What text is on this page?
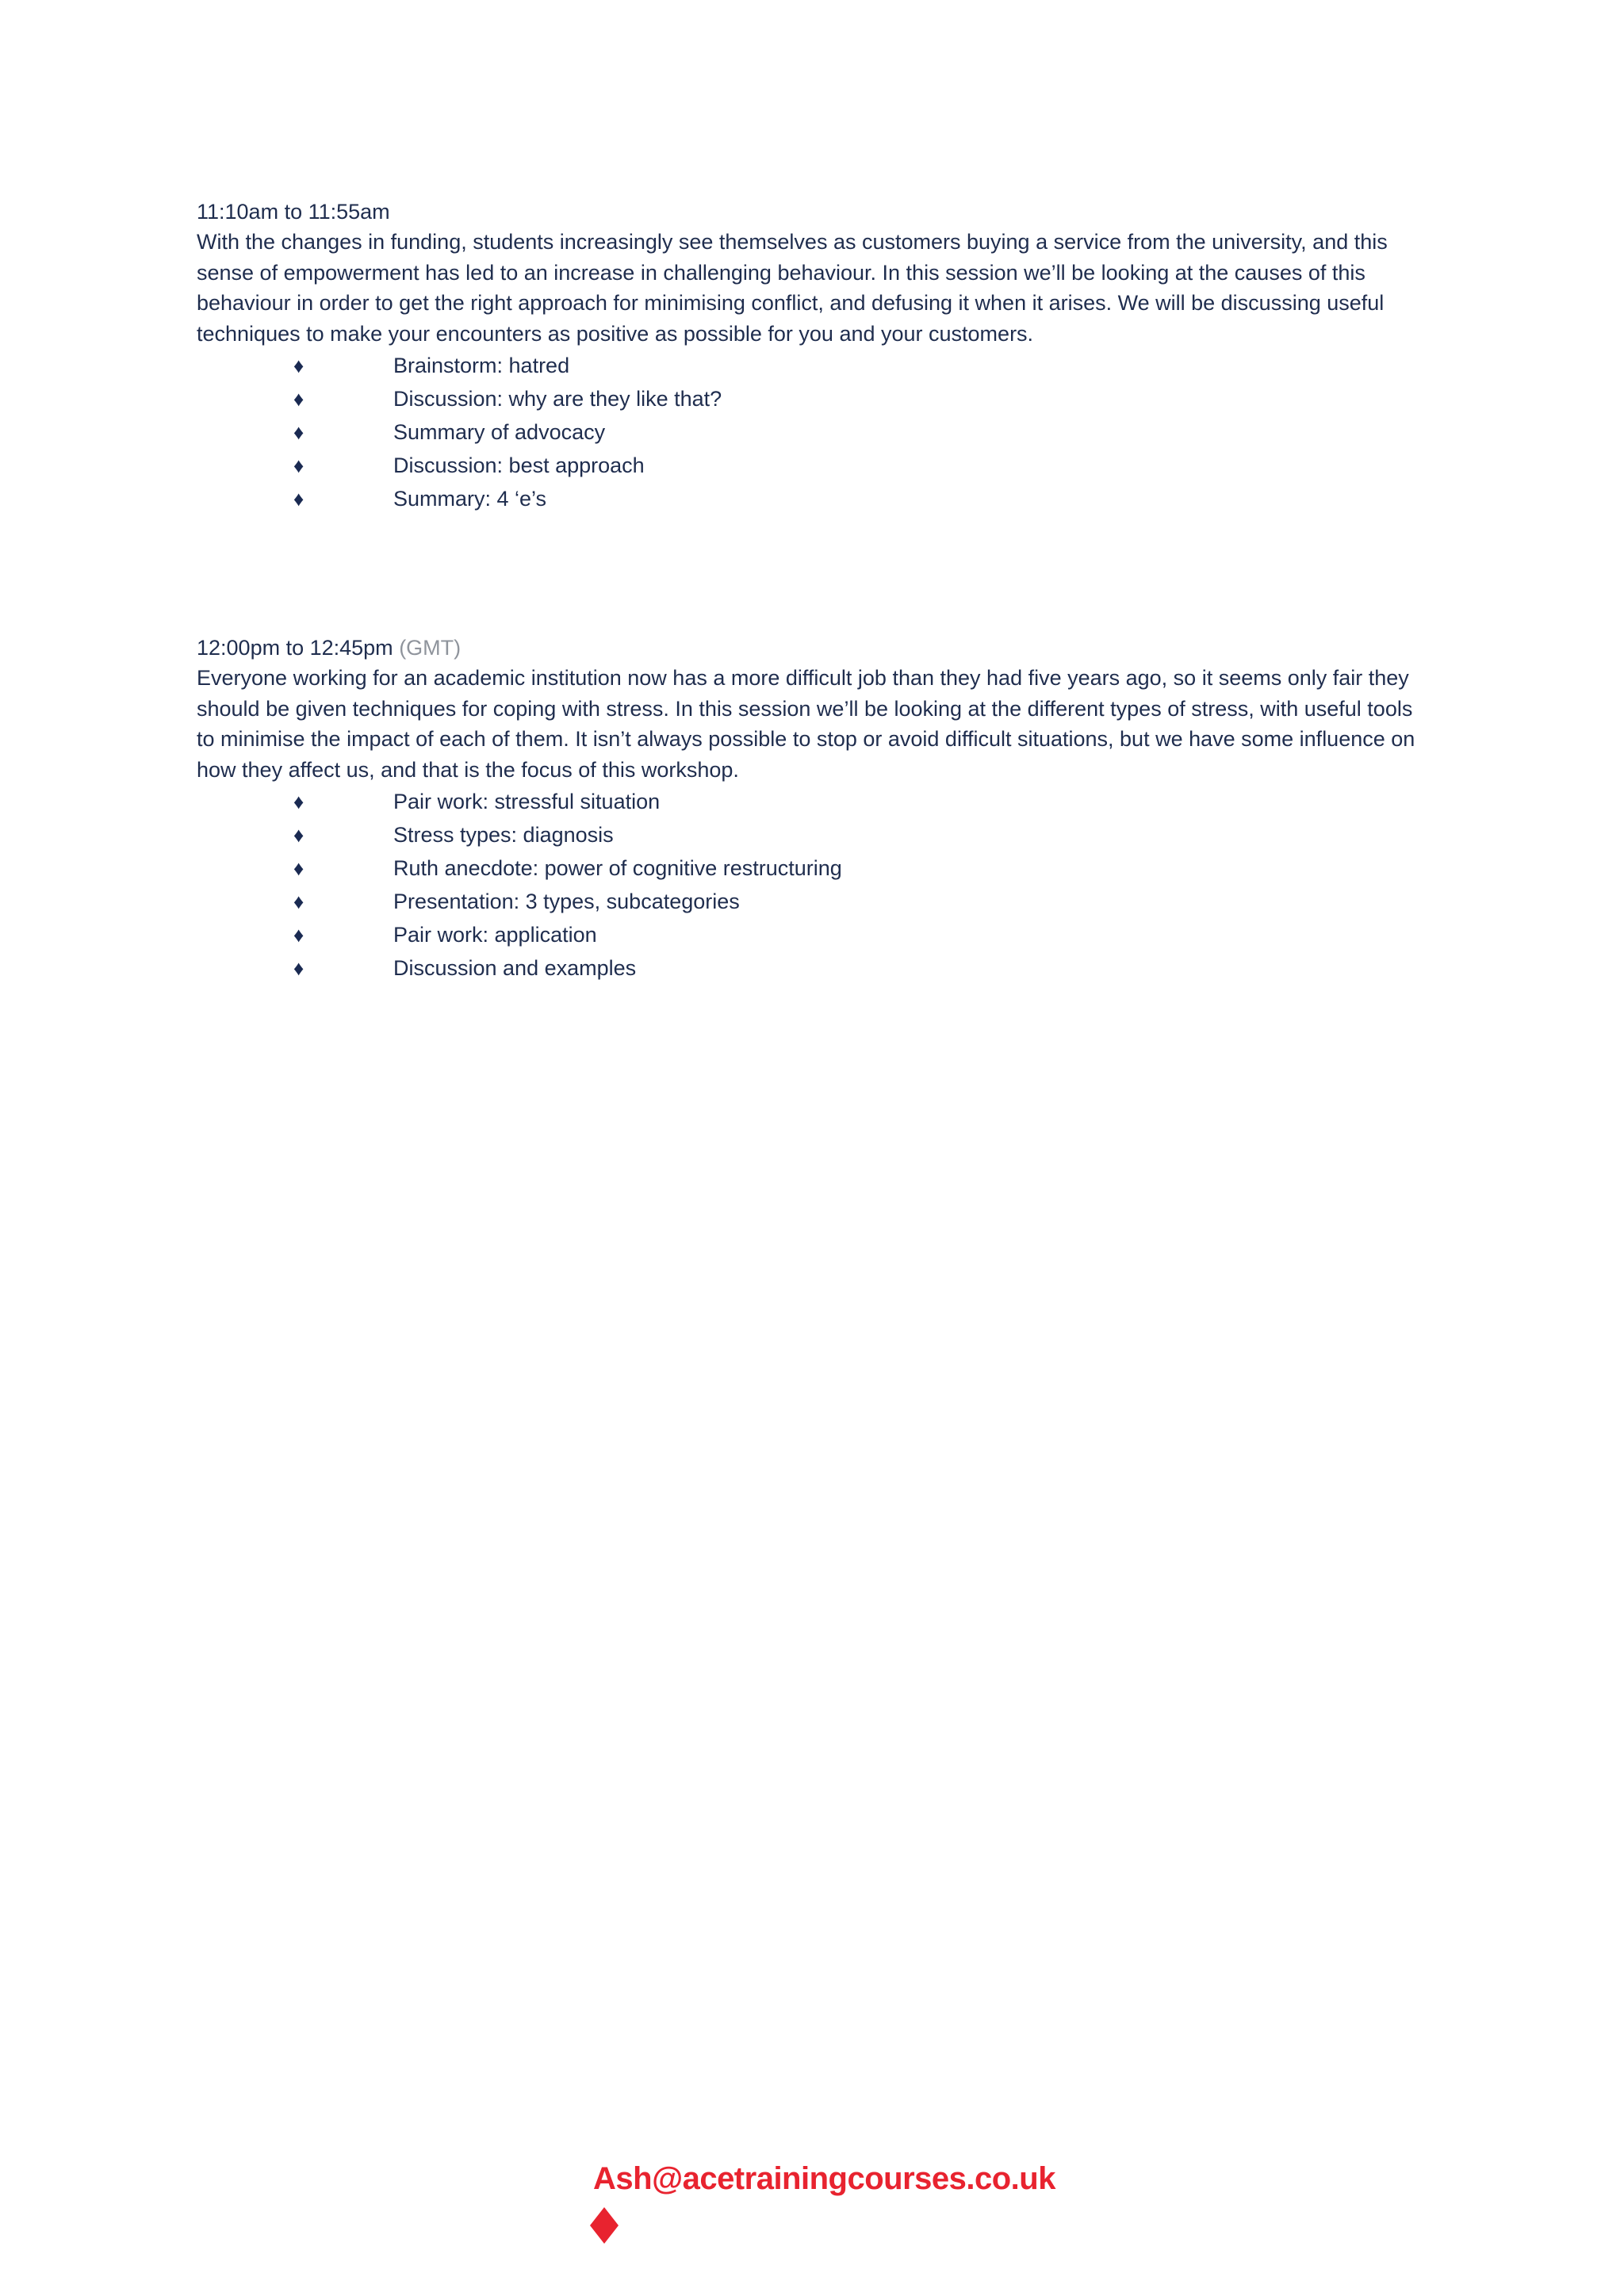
11:10am to 11:55am

With the changes in funding, students increasingly see themselves as customers buying a service from the university, and this sense of empowerment has led to an increase in challenging behaviour. In this session we’ll be looking at the causes of this behaviour in order to get the right approach for minimising conflict, and defusing it when it arises. We will be discussing useful techniques to make your encounters as positive as possible for you and your customers.

♦	Brainstorm: hatred
♦	Discussion: why are they like that?
♦	Summary of advocacy
♦	Discussion: best approach
♦	Summary: 4 ‘e’s

12:00pm to 12:45pm (GMT)

Everyone working for an academic institution now has a more difficult job than they had five years ago, so it seems only fair they should be given techniques for coping with stress. In this session we’ll be looking at the different types of stress, with useful tools to minimise the impact of each of them. It isn’t always possible to stop or avoid difficult situations, but we have some influence on how they affect us, and that is the focus of this workshop.

♦	Pair work: stressful situation
♦	Stress types: diagnosis
♦	Ruth anecdote: power of cognitive restructuring
♦	Presentation: 3 types, subcategories
♦	Pair work: application
♦	Discussion and examples
Ash@acetrainingcourses.co.uk
